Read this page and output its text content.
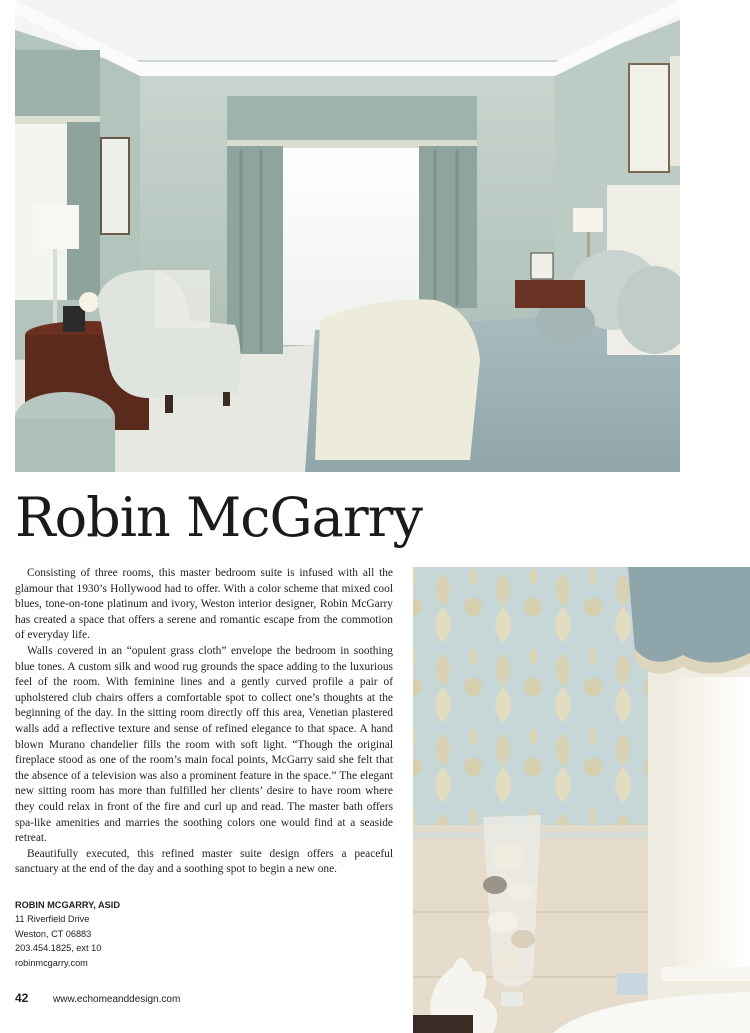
Robin McGarry

Consisting of three rooms, this master bedroom suite is infused with all the glamour that 1930’s Hollywood had to offer. With a color scheme that mixed cool blues, tone-on-tone platinum and ivory, Weston interior designer, Robin McGarry has created a space that offers a serene and romantic escape from the commotion of everyday life.

Walls covered in an “opulent grass cloth” envelope the bedroom in soothing blue tones. A custom silk and wood rug grounds the space adding to the luxurious feel of the room. With feminine lines and a gently curved profile a pair of upholstered club chairs offers a comfortable spot to collect one’s thoughts at the beginning of the day. In the sitting room directly off this area, Venetian plastered walls add a reflective texture and sense of refined elegance to that space. A hand blown Murano chandelier fills the room with soft light. “Though the original fireplace stood as one of the room’s main focal points, McGarry said she felt that the absence of a television was also a prominent feature in the space.” The elegant new sitting room has more than fulfilled her clients’ desire to have room where they could relax in front of the fire and curl up and read. The master bath offers spa-like amenities and marries the soothing colors one would find at a seaside retreat.

Beautifully executed, this refined master suite design offers a peaceful sanctuary at the end of the day and a soothing spot to begin a new one.

ROBIN MCGARRY, ASID
11 Riverfield Drive
Weston, CT 06883
203.454.1825, ext 10
robinmcgarry.com
42 www.echomeanddesign.com
